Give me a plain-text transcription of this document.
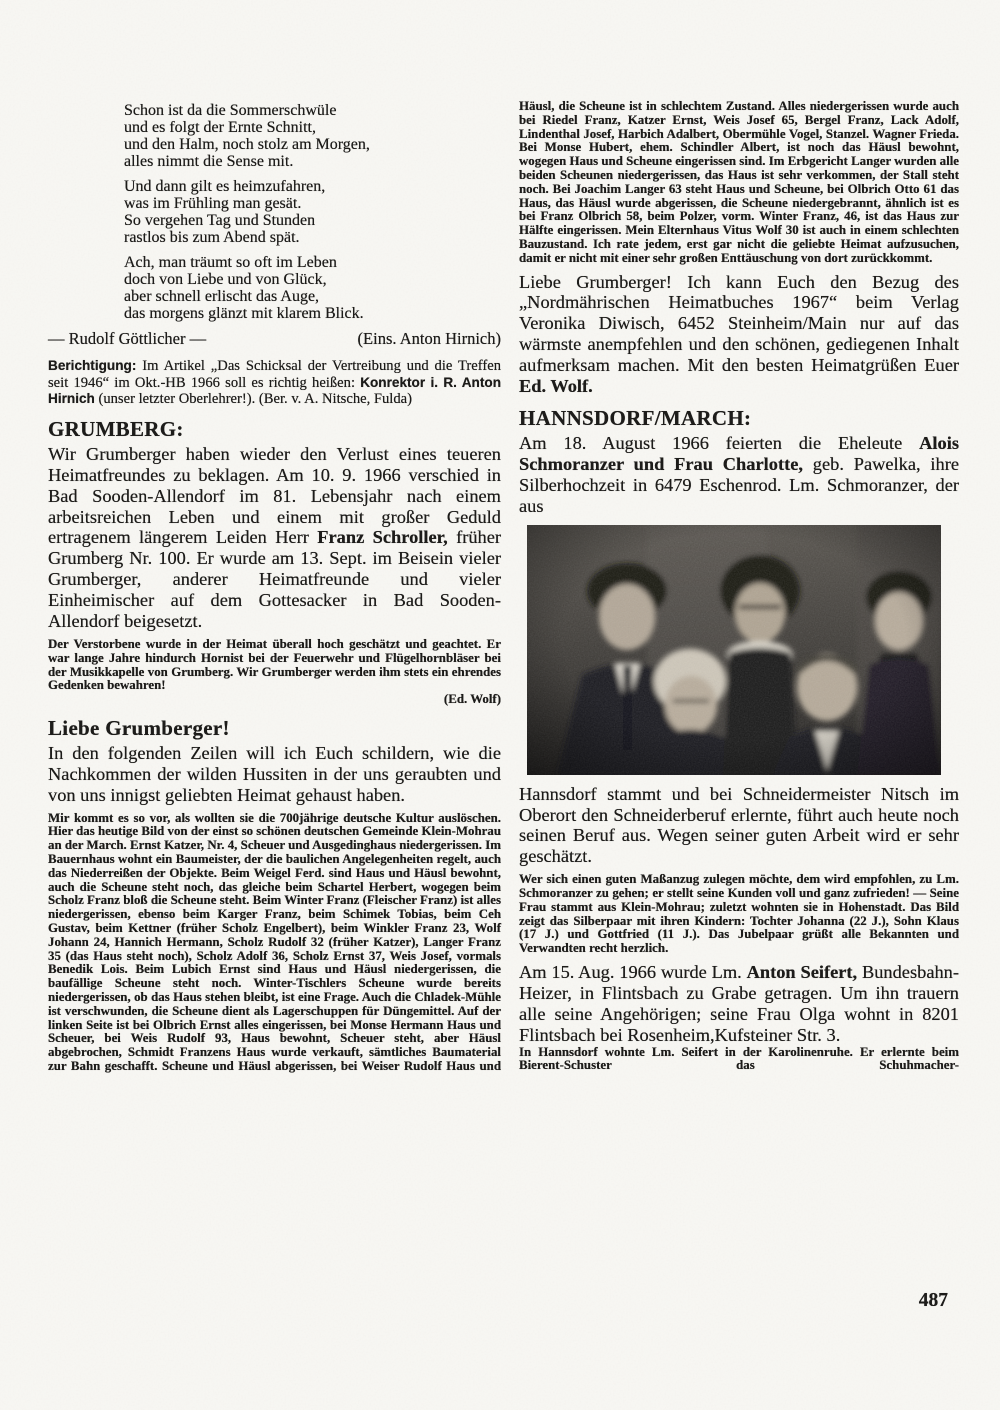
Schon ist da die Sommerschwüle
und es folgt der Ernte Schnitt,
und den Halm, noch stolz am Morgen,
alles nimmt die Sense mit.
Und dann gilt es heimzufahren,
was im Frühling man gesät.
So vergehen Tag und Stunden
rastlos bis zum Abend spät.
Ach, man träumt so oft im Leben
doch von Liebe und von Glück,
aber schnell erlischt das Auge,
das morgens glänzt mit klarem Blick.
— Rudolf Göttlicher —	(Eins. Anton Hirnich)

Berichtigung: Im Artikel „Das Schicksal der Vertreibung und die Treffen seit 1946“ im Okt.-HB 1966 soll es richtig heißen: Konrektor i. R. Anton Hirnich (unser letzter Oberlehrer!). (Ber. v. A. Nitsche, Fulda)

GRUMBERG:

Wir Grumberger haben wieder den Verlust eines teueren Heimatfreundes zu beklagen. Am 10. 9. 1966 verschied in Bad Sooden-Allendorf im 81. Lebensjahr nach einem arbeitsreichen Leben und einem mit großer Geduld ertragenem längerem Leiden Herr Franz Schroller, früher Grumberg Nr. 100. Er wurde am 13. Sept. im Beisein vieler Grumberger, anderer Heimatfreunde und vieler Einheimischer auf dem Gottesacker in Bad Sooden-Allendorf beigesetzt.

Der Verstorbene wurde in der Heimat überall hoch geschätzt und geachtet. Er war lange Jahre hindurch Hornist bei der Feuerwehr und Flügelhornbläser bei der Musikkapelle von Grumberg. Wir Grumberger werden ihm stets ein ehrendes Gedenken bewahren!

(Ed. Wolf)

Liebe Grumberger!

In den folgenden Zeilen will ich Euch schildern, wie die Nachkommen der wilden Hussiten in der uns geraubten und von uns innigst geliebten Heimat gehaust haben.

Mir kommt es so vor, als wollten sie die 700jährige deutsche Kultur auslöschen. Hier das heutige Bild von der einst so schönen deutschen Gemeinde Klein-Mohrau an der March. Ernst Katzer, Nr. 4, Scheuer und Ausgedinghaus niedergerissen. Im Bauernhaus wohnt ein Baumeister, der die baulichen Angelegenheiten regelt, auch das Niederreißen der Objekte. Beim Weigel Ferd. sind Haus und Häusl bewohnt, auch die Scheune steht noch, das gleiche beim Schartel Herbert, wogegen beim Scholz Franz bloß die Scheune steht. Beim Winter Franz (Fleischer Franz) ist alles niedergerissen, ebenso beim Karger Franz, beim Schimek Tobias, beim Ceh Gustav, beim Kettner (früher Scholz Engelbert), beim Winkler Franz 23, Wolf Johann 24, Hannich Hermann, Scholz Rudolf 32 (früher Katzer), Langer Franz 35 (das Haus steht noch), Scholz Adolf 36, Scholz Ernst 37, Weis Josef, vormals Benedik Lois. Beim Lubich Ernst sind Haus und Häusl niedergerissen, die baufällige Scheune steht noch. Winter-Tischlers Scheune wurde bereits niedergerissen, ob das Haus stehen bleibt, ist eine Frage. Auch die Chladek-Mühle ist verschwunden, die Scheune dient als Lagerschuppen für Düngemittel. Auf der linken Seite ist bei Olbrich Ernst alles eingerissen, bei Monse Hermann Haus und Scheuer, bei Weis Rudolf 93, Haus bewohnt, Scheuer steht, aber Häusl abgebrochen, Schmidt Franzens Haus wurde verkauft, sämtliches Baumaterial zur Bahn geschafft. Scheune und Häusl abgerissen, bei Weiser Rudolf Haus und

Häusl, die Scheune ist in schlechtem Zustand. Alles niedergerissen wurde auch bei Riedel Franz, Katzer Ernst, Weis Josef 65, Bergel Franz, Lack Adolf, Lindenthal Josef, Harbich Adalbert, Obermühle Vogel, Stanzel. Wagner Frieda. Bei Monse Hubert, ehem. Schindler Albert, ist noch das Häusl bewohnt, wogegen Haus und Scheune eingerissen sind. Im Erbgericht Langer wurden alle beiden Scheunen niedergerissen, das Haus ist sehr verkommen, der Stall steht noch. Bei Joachim Langer 63 steht Haus und Scheune, bei Olbrich Otto 61 das Haus, das Häusl wurde abgerissen, die Scheune niedergebrannt, ähnlich ist es bei Franz Olbrich 58, beim Polzer, vorm. Winter Franz, 46, ist das Haus zur Hälfte eingerissen. Mein Elternhaus Vitus Wolf 30 ist auch in einem schlechten Bauzustand. Ich rate jedem, erst gar nicht die geliebte Heimat aufzusuchen, damit er nicht mit einer sehr großen Enttäuschung von dort zurückkommt.

Liebe Grumberger! Ich kann Euch den Bezug des „Nordmährischen Heimatbuches 1967“ beim Verlag Veronika Diwisch, 6452 Steinheim/Main nur auf das wärmste anempfehlen und den schönen, gediegenen Inhalt aufmerksam machen. Mit den besten Heimatgrüßen Euer Ed. Wolf.

HANNSDORF/MARCH:

Am 18. August 1966 feierten die Eheleute Alois Schmoranzer und Frau Charlotte, geb. Pawelka, ihre Silberhochzeit in 6479 Eschenrod. Lm. Schmoranzer, der aus

Hannsdorf stammt und bei Schneidermeister Nitsch im Oberort den Schneiderberuf erlernte, führt auch heute noch seinen Beruf aus. Wegen seiner guten Arbeit wird er sehr geschätzt.

Wer sich einen guten Maßanzug zulegen möchte, dem wird empfohlen, zu Lm. Schmoranzer zu gehen; er stellt seine Kunden voll und ganz zufrieden! — Seine Frau stammt aus Klein-Mohrau; zuletzt wohnten sie in Hohenstadt. Das Bild zeigt das Silberpaar mit ihren Kindern: Tochter Johanna (22 J.), Sohn Klaus (17 J.) und Gottfried (11 J.). Das Jubelpaar grüßt alle Bekannten und Verwandten recht herzlich.

Am 15. Aug. 1966 wurde Lm. Anton Seifert, Bundesbahn-Heizer, in Flintsbach zu Grabe getragen. Um ihn trauern alle seine Angehörigen; seine Frau Olga wohnt in 8201 Flintsbach bei Rosenheim,Kufsteiner Str. 3.

In Hannsdorf wohnte Lm. Seifert in der Karolinenruhe. Er erlernte beim Bierent-Schuster das Schuhmacher-

487
